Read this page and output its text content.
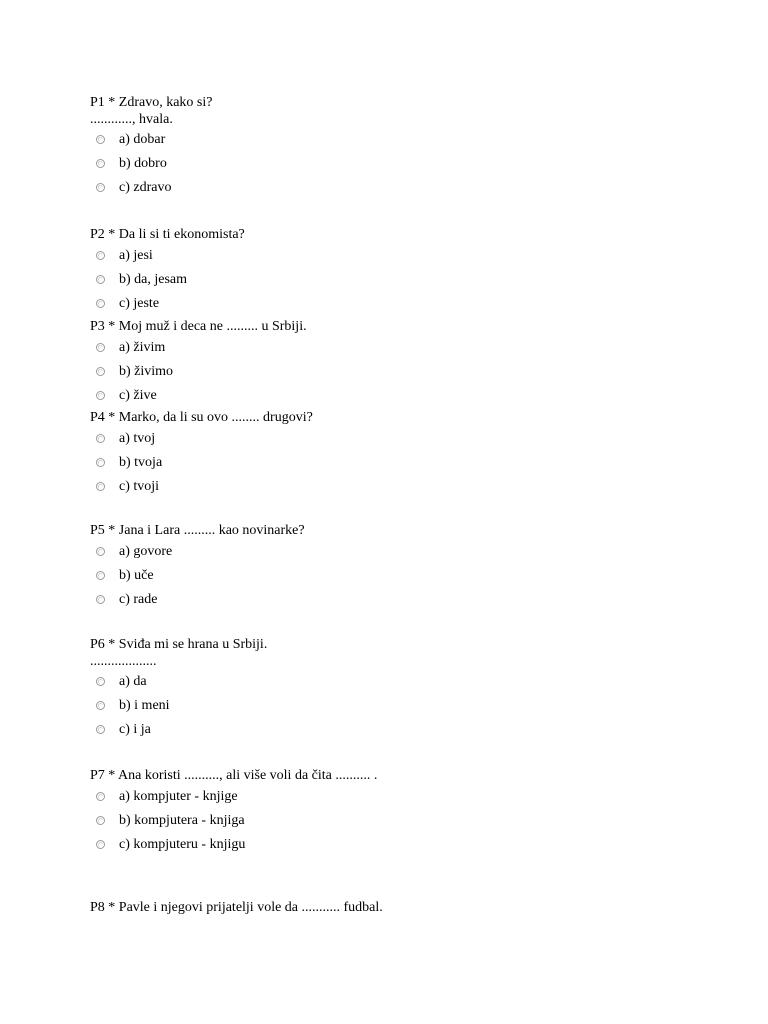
P1 * Zdravo, kako si?
............, hvala.
a) dobar
b) dobro
c) zdravo
P2 * Da li si ti ekonomista?
a) jesi
b) da, jesam
c) jeste
P3 * Moj muž i deca ne ......... u Srbiji.
a) živim
b) živimo
c) žive
P4 * Marko, da li su ovo ........ drugovi?
a) tvoj
b) tvoja
c) tvoji
P5 * Jana i Lara ......... kao novinarke?
a) govore
b) uče
c) rade
P6 * Sviđa mi se hrana u Srbiji.
...................
a) da
b) i meni
c) i ja
P7 * Ana koristi .........., ali više voli da čita .......... .
a) kompjuter - knjige
b) kompjutera - knjiga
c) kompjuteru - knjigu
P8 * Pavle i njegovi prijatelji vole da ........... fudbal.
